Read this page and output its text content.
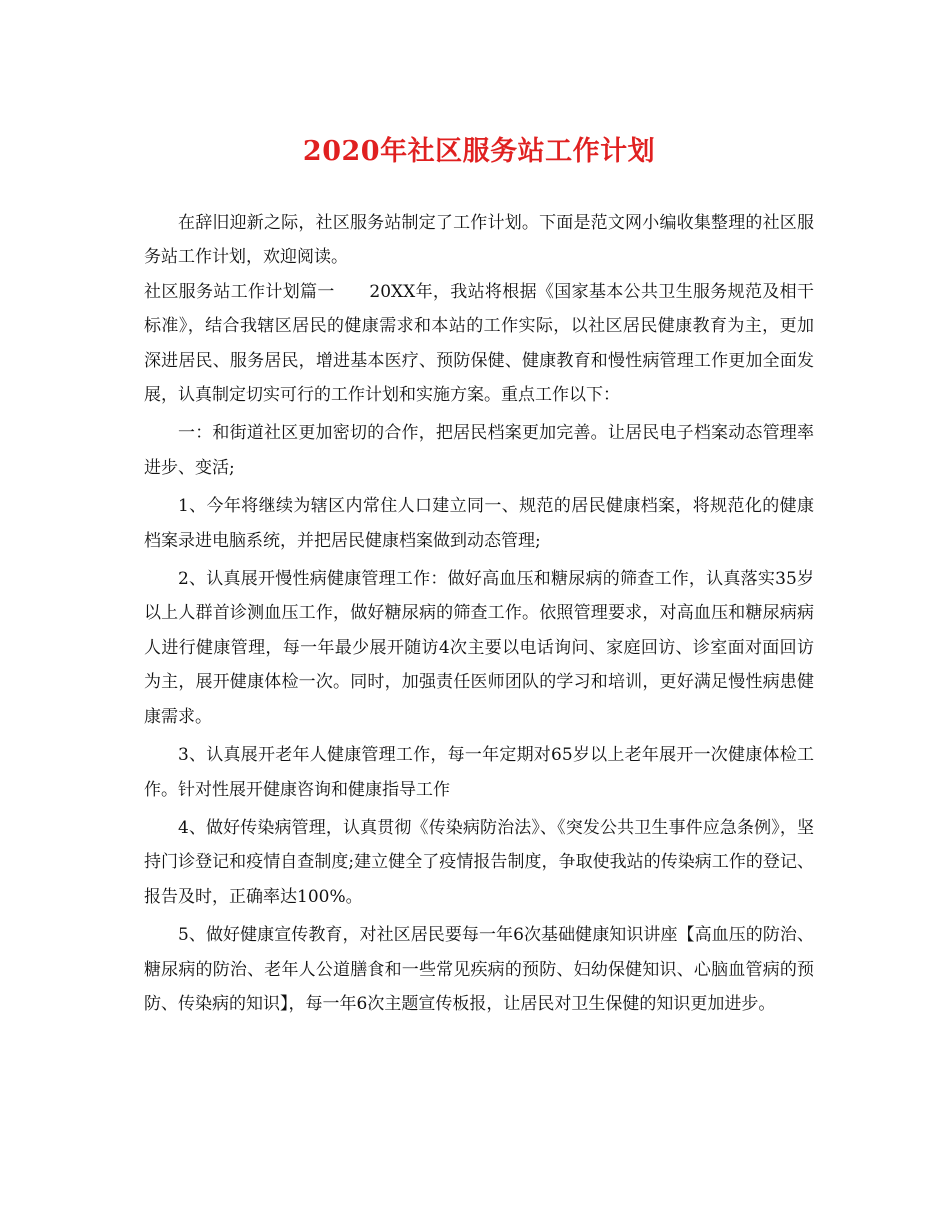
2020年社区服务站工作计划

在辞旧迎新之际，社区服务站制定了工作计划。下面是范文网小编收集整理的社区服务站工作计划，欢迎阅读。

社区服务站工作计划篇一　　20XX年，我站将根据《国家基本公共卫生服务规范及相干标准》，结合我辖区居民的健康需求和本站的工作实际，以社区居民健康教育为主，更加深进居民、服务居民，增进基本医疗、预防保健、健康教育和慢性病管理工作更加全面发展，认真制定切实可行的工作计划和实施方案。重点工作以下：

一：和街道社区更加密切的合作，把居民档案更加完善。让居民电子档案动态管理率进步、变活;

1、今年将继续为辖区内常住人口建立同一、规范的居民健康档案，将规范化的健康档案录进电脑系统，并把居民健康档案做到动态管理;

2、认真展开慢性病健康管理工作：做好高血压和糖尿病的筛查工作，认真落实35岁以上人群首诊测血压工作，做好糖尿病的筛查工作。依照管理要求，对高血压和糖尿病病人进行健康管理，每一年最少展开随访4次主要以电话询问、家庭回访、诊室面对面回访为主，展开健康体检一次。同时，加强责任医师团队的学习和培训，更好满足慢性病患健康需求。

3、认真展开老年人健康管理工作，每一年定期对65岁以上老年展开一次健康体检工作。针对性展开健康咨询和健康指导工作

4、做好传染病管理，认真贯彻《传染病防治法》、《突发公共卫生事件应急条例》，坚持门诊登记和疫情自查制度;建立健全了疫情报告制度，争取使我站的传染病工作的登记、报告及时，正确率达100%。

5、做好健康宣传教育，对社区居民要每一年6次基础健康知识讲座【高血压的防治、糖尿病的防治、老年人公道膳食和一些常见疾病的预防、妇幼保健知识、心脑血管病的预防、传染病的知识】，每一年6次主题宣传板报，让居民对卫生保健的知识更加进步。
